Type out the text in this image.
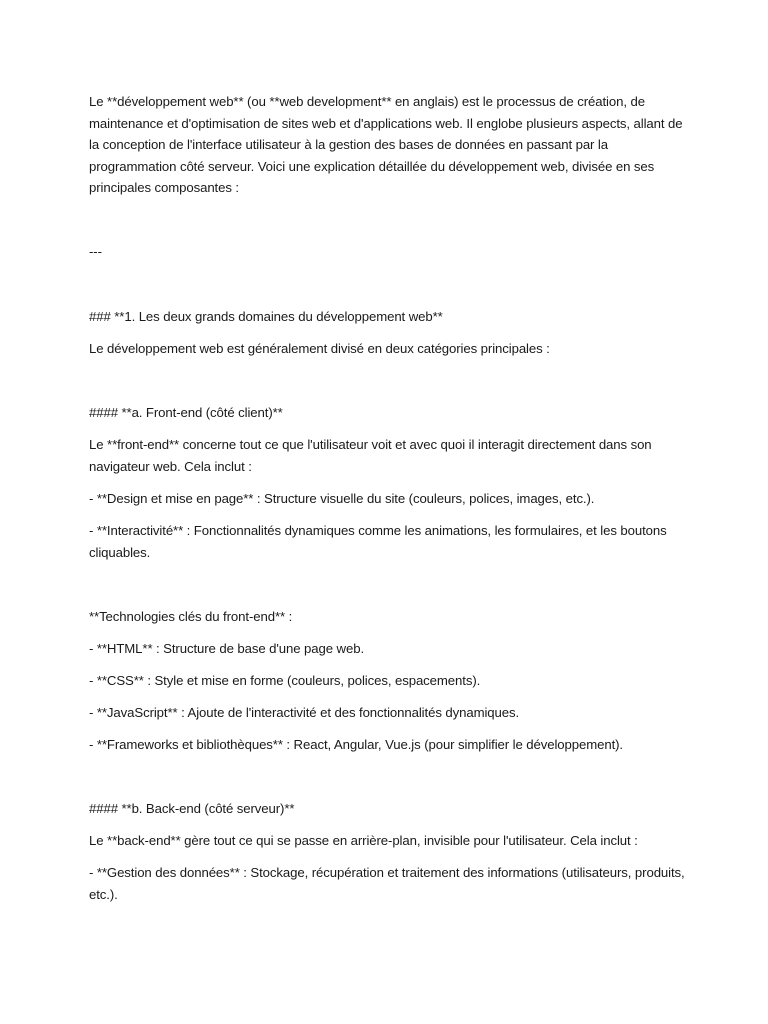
Le **développement web** (ou **web development** en anglais) est le processus de création, de maintenance et d'optimisation de sites web et d'applications web. Il englobe plusieurs aspects, allant de la conception de l'interface utilisateur à la gestion des bases de données en passant par la programmation côté serveur. Voici une explication détaillée du développement web, divisée en ses principales composantes :

---

### **1. Les deux grands domaines du développement web**

Le développement web est généralement divisé en deux catégories principales :

#### **a. Front-end (côté client)**

Le **front-end** concerne tout ce que l'utilisateur voit et avec quoi il interagit directement dans son navigateur web. Cela inclut :

- **Design et mise en page** : Structure visuelle du site (couleurs, polices, images, etc.).

- **Interactivité** : Fonctionnalités dynamiques comme les animations, les formulaires, et les boutons cliquables.

**Technologies clés du front-end** :

- **HTML** : Structure de base d'une page web.

- **CSS** : Style et mise en forme (couleurs, polices, espacements).

- **JavaScript** : Ajoute de l'interactivité et des fonctionnalités dynamiques.

- **Frameworks et bibliothèques** : React, Angular, Vue.js (pour simplifier le développement).

#### **b. Back-end (côté serveur)**

Le **back-end** gère tout ce qui se passe en arrière-plan, invisible pour l'utilisateur. Cela inclut :

- **Gestion des données** : Stockage, récupération et traitement des informations (utilisateurs, produits, etc.).
